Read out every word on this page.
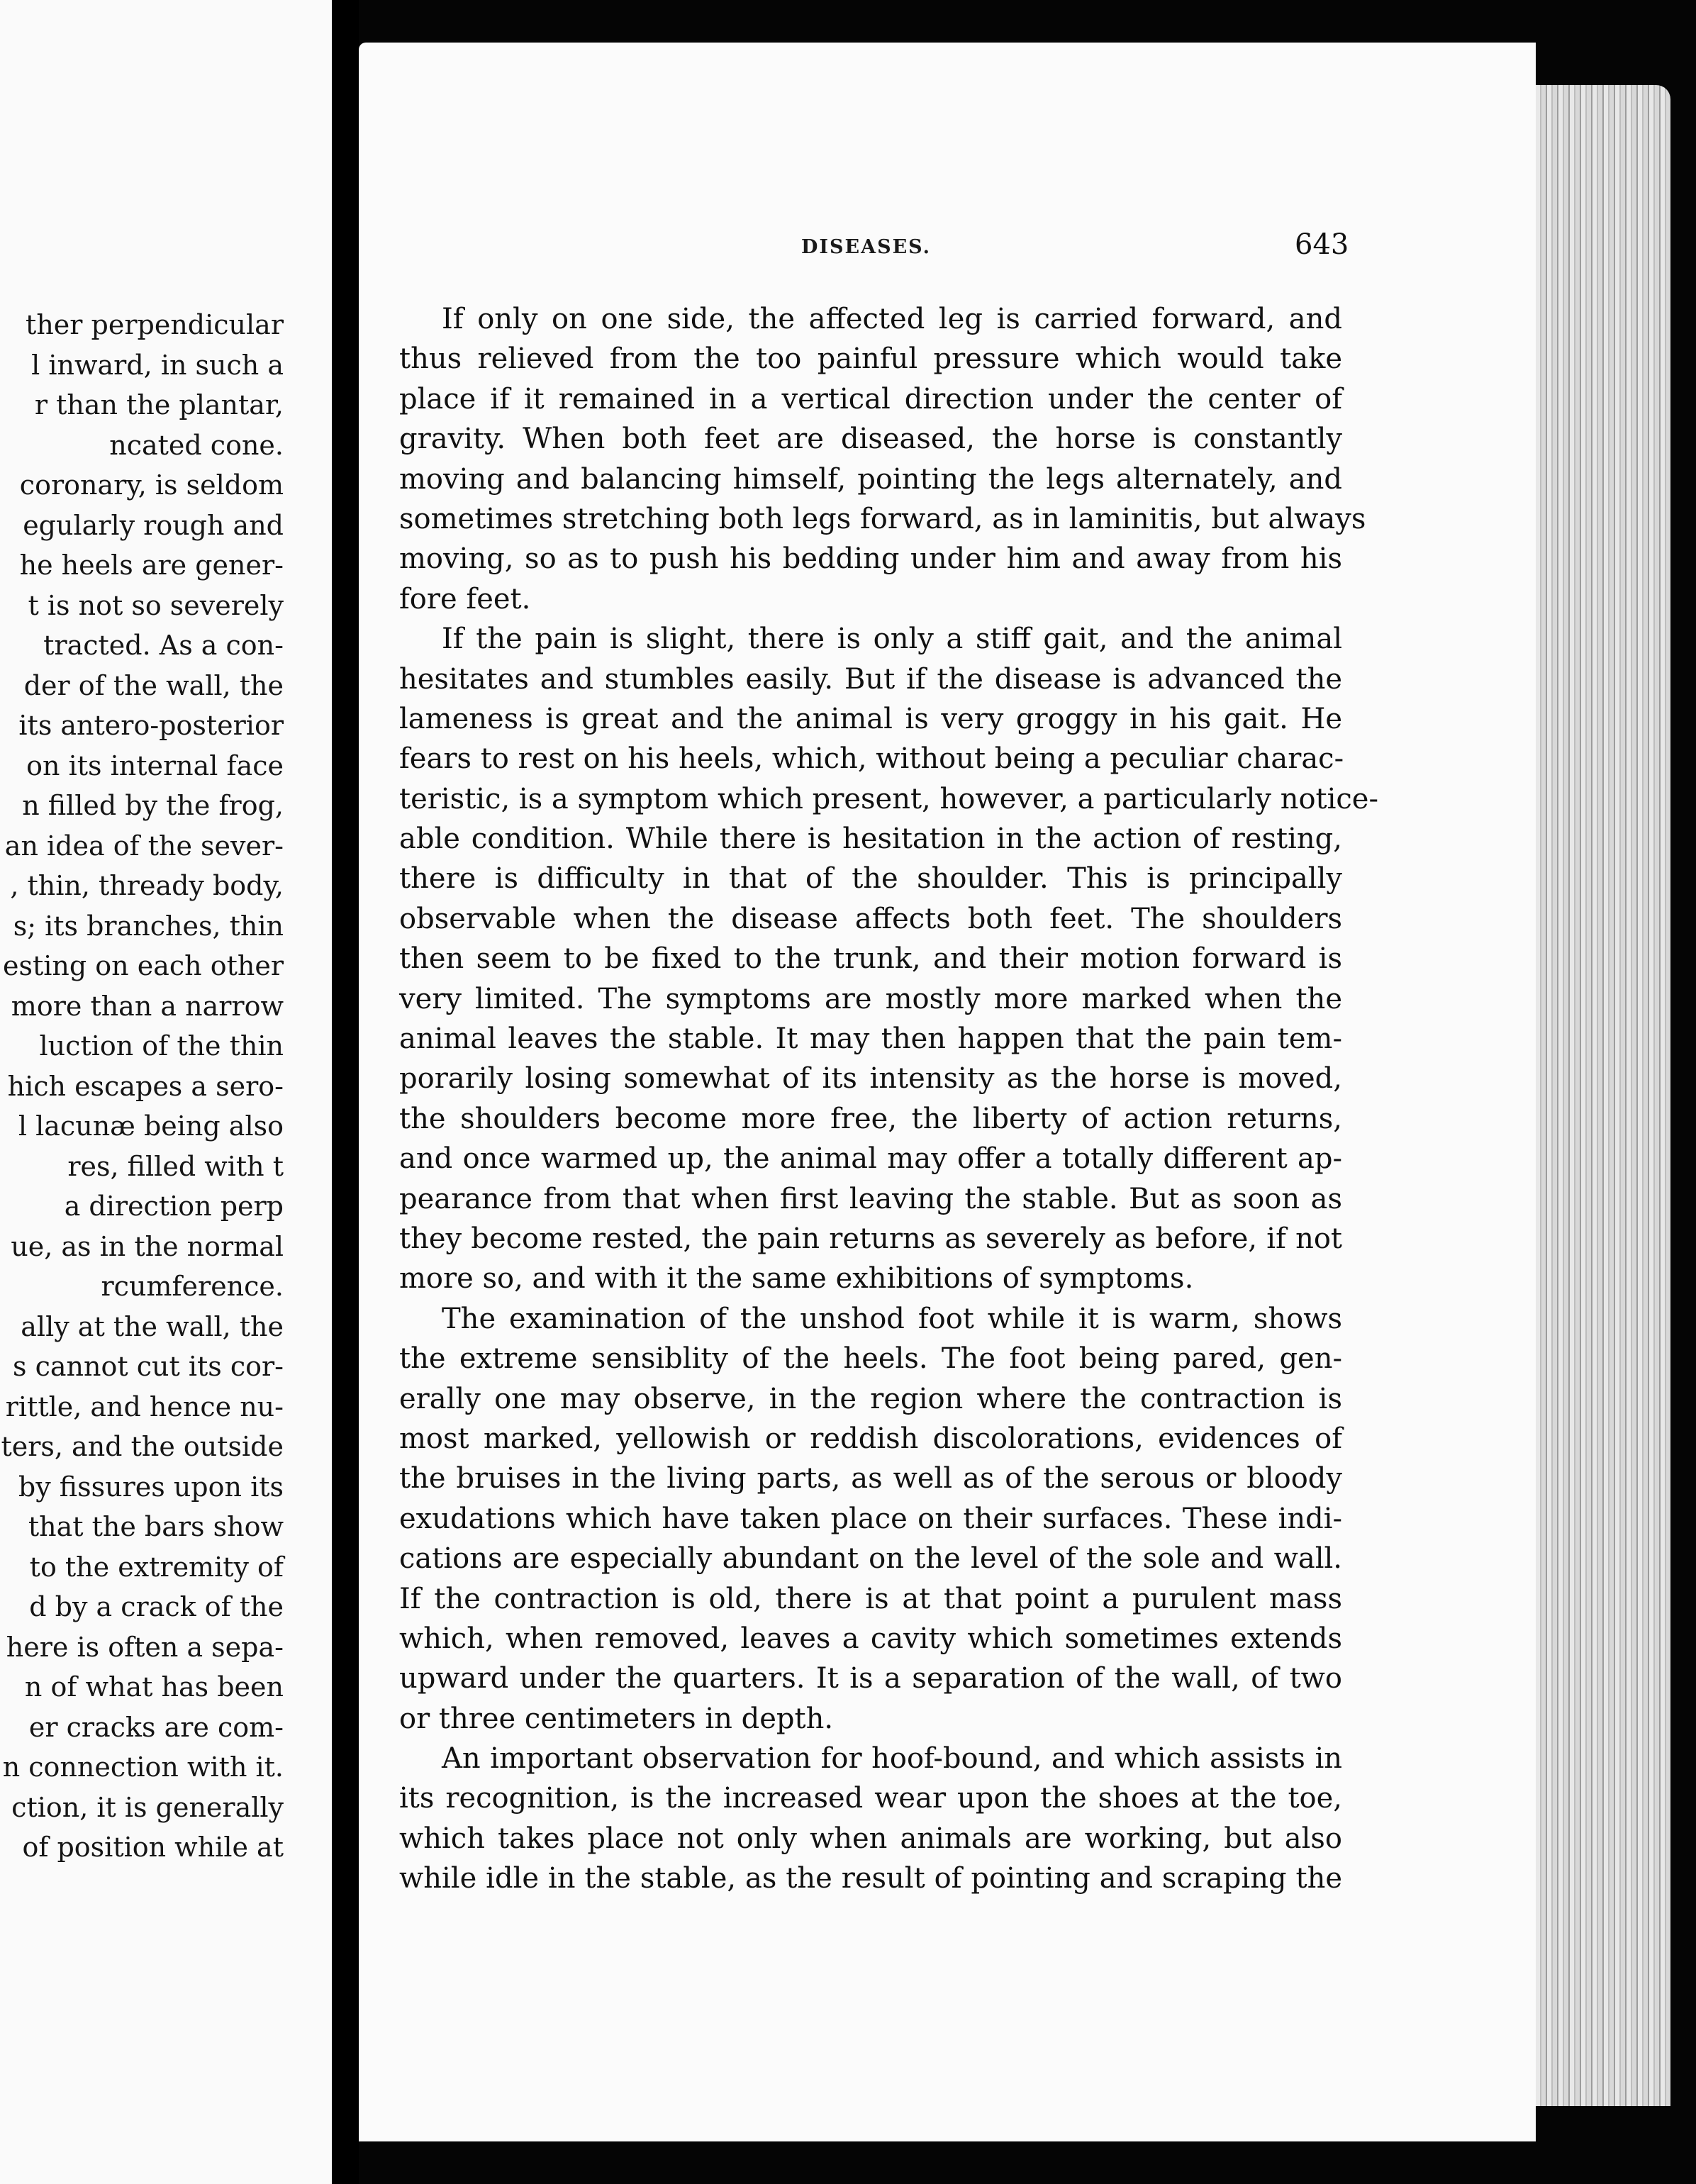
ther perpendicular
l inward, in such a
r than the plantar,
ncated cone.
coronary, is seldom
egularly rough and
he heels are gener-
t is not so severely
tracted. As a con-
der of the wall, the
its antero-posterior
on its internal face
n filled by the frog,
an idea of the sever-
, thin, thready body,
s; its branches, thin
esting on each other
more than a narrow
luction of the thin
hich escapes a sero-
l lacunæ being also
res, filled with t
a direction perp
ue, as in the normal
rcumference.
ally at the wall, the
s cannot cut its cor-
rittle, and hence nu-
ters, and the outside
by fissures upon its
that the bars show
to the extremity of
d by a crack of the
here is often a sepa-
n of what has been
er cracks are com-
n connection with it.
ction, it is generally
of position while at
DISEASES.	643

If only on one side, the affected leg is carried forward, and
thus relieved from the too painful pressure which would take
place if it remained in a vertical direction under the center of
gravity. When both feet are diseased, the horse is constantly
moving and balancing himself, pointing the legs alternately, and
sometimes stretching both legs forward, as in laminitis, but always
moving, so as to push his bedding under him and away from his
fore feet.

If the pain is slight, there is only a stiff gait, and the animal
hesitates and stumbles easily. But if the disease is advanced the
lameness is great and the animal is very groggy in his gait. He
fears to rest on his heels, which, without being a peculiar charac-
teristic, is a symptom which present, however, a particularly notice-
able condition. While there is hesitation in the action of resting,
there is difficulty in that of the shoulder. This is principally
observable when the disease affects both feet. The shoulders
then seem to be fixed to the trunk, and their motion forward is
very limited. The symptoms are mostly more marked when the
animal leaves the stable. It may then happen that the pain tem-
porarily losing somewhat of its intensity as the horse is moved,
the shoulders become more free, the liberty of action returns,
and once warmed up, the animal may offer a totally different ap-
pearance from that when first leaving the stable. But as soon as
they become rested, the pain returns as severely as before, if not
more so, and with it the same exhibitions of symptoms.

The examination of the unshod foot while it is warm, shows
the extreme sensiblity of the heels. The foot being pared, gen-
erally one may observe, in the region where the contraction is
most marked, yellowish or reddish discolorations, evidences of
the bruises in the living parts, as well as of the serous or bloody
exudations which have taken place on their surfaces. These indi-
cations are especially abundant on the level of the sole and wall.
If the contraction is old, there is at that point a purulent mass
which, when removed, leaves a cavity which sometimes extends
upward under the quarters. It is a separation of the wall, of two
or three centimeters in depth.

An important observation for hoof-bound, and which assists in
its recognition, is the increased wear upon the shoes at the toe,
which takes place not only when animals are working, but also
while idle in the stable, as the result of pointing and scraping the
